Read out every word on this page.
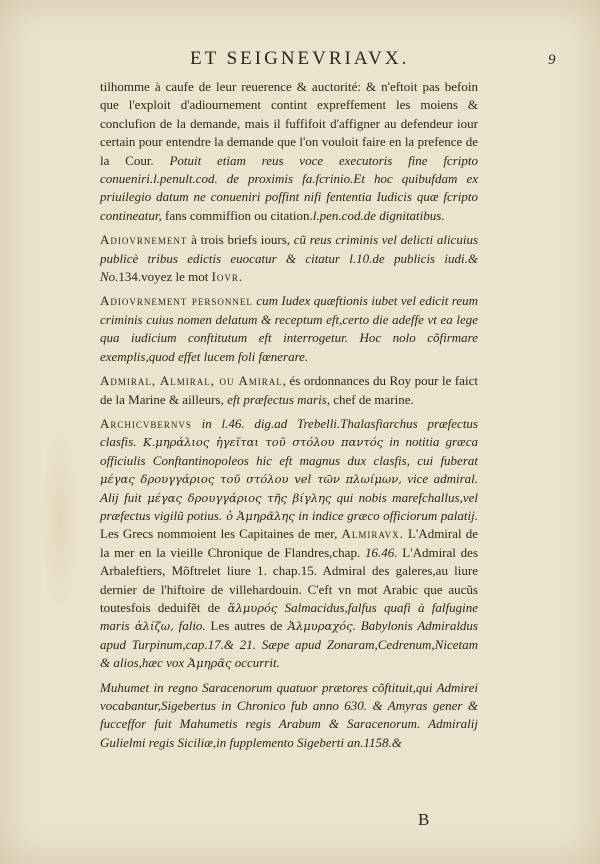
ET SEIGNEVRIAVX.	9

tilhomme à caufe de leur reuerence & auctorité: & n'eftoit pas befoin que l'exploit d'adiournement contint expreffement les moiens & conclufion de la demande, mais il fuffifoit d'affigner au defendeur iour certain pour entendre la demande que l'on vouloit faire en la prefence de la Cour. Potuit etiam reus voce executoris fine fcripto conueniri.l.penult.cod. de proximis fa.fcrinio.Et hoc quibufdam ex priuilegio datum ne conueniri poffint nifi fententia Iudicis quæ fcripto contineatur, fans commiffion ou citation.l.pen.cod.de dignitatibus.

Adiovrnement à trois briefs iours, cũ reus criminis vel delicti alicuius publicè tribus edictis euocatur & citatur l.10.de publicis iudi.& No.134.voyez le mot Iovr.

Adiovrnement personnel cum Iudex quæftionis iubet vel edicit reum criminis cuius nomen delatum & receptum eft,certo die adeffe vt ea lege qua iudicium conftitutum eft interrogetur. Hoc nolo cõfirmare exemplis,quod effet lucem foli fœnerare.

Admiral, Almiral, ou Amiral, és ordonnances du Roy pour le faict de la Marine & ailleurs, eft præfectus maris, chef de marine.

Archicvbernvs in l.46. dig.ad Trebelli.Thalasfiarchus præfectus clasfis. Κ.μηράλιος ἡγεῖται τοῦ στόλου παντός in notitia græca officiulis Conftantinopoleos hic eft magnus dux clasfis, cui fuberat μέγας δρουγγάριος τοῦ στόλου vel τῶν πλωίμων, vice admiral. Alij fuit μέγας δρουγγάριος τῆς βίγλης qui nobis marefchallus,vel præfectus vigilũ potius. ὁ Ἀμηρᾶλης in indice græco officiorum palatij. Les Grecs nommoient les Capitaines de mer, Almiravx. L'Admiral de la mer en la vieille Chronique de Flandres,chap. 16.46. L'Admiral des Arbaleftiers, Mõftrelet liure 1. chap.15. Admiral des galeres,au liure dernier de l'hiftoire de villehardouin. C'eft vn mot Arabic que aucũs toutesfois deduifẽt de ἅλμυρός Salmacidus,falfus quafi à falfugine maris ἁλίζω, falio. Les autres de Ἀλμυραχός. Babylonis Admiraldus apud Turpinum,cap.17.& 21. Sæpe apud Zonaram,Cedrenum,Nicetam & alios,hæc vox Ἀμηρᾶς occurrit.

Muhumet in regno Saracenorum quatuor prætores cõftituit,qui Admirei vocabantur,Sigebertus in Chronico fub anno 630. & Amyras gener & fucceffor fuit Mahumetis regis Arabum & Saracenorum. Admiralij Gulielmi regis Siciliæ,in fupplemento Sigeberti an.1158.&

B
